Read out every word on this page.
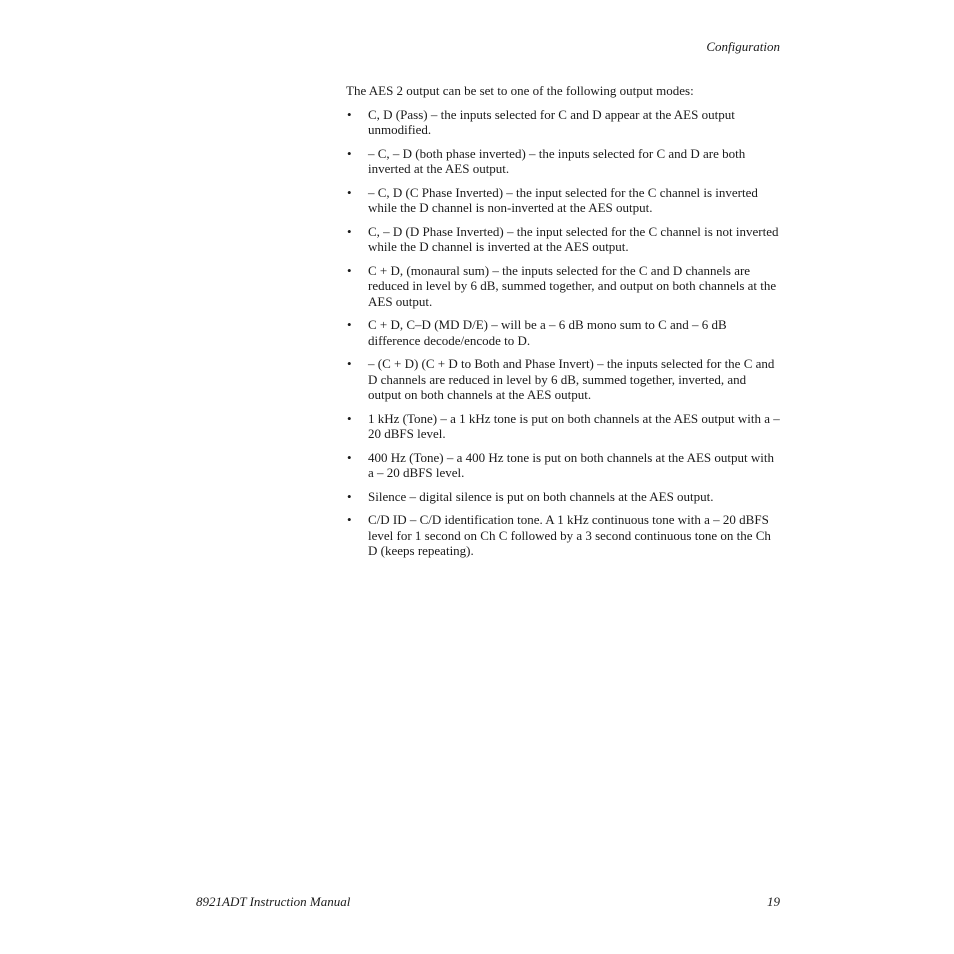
Configuration

The AES 2 output can be set to one of the following output modes:

• C, D (Pass) – the inputs selected for C and D appear at the AES output unmodified.
• – C, – D (both phase inverted) – the inputs selected for C and D are both inverted at the AES output.
• – C, D (C Phase Inverted) – the input selected for the C channel is inverted while the D channel is non-inverted at the AES output.
• C, – D (D Phase Inverted) – the input selected for the C channel is not inverted while the D channel is inverted at the AES output.
• C + D, (monaural sum) – the inputs selected for the C and D channels are reduced in level by 6 dB, summed together, and output on both channels at the AES output.
• C + D, C–D (MD D/E) – will be a – 6 dB mono sum to C and – 6 dB difference decode/encode to D.
• – (C + D) (C + D to Both and Phase Invert) – the inputs selected for the C and D channels are reduced in level by 6 dB, summed together, inverted, and output on both channels at the AES output.
• 1 kHz (Tone) – a 1 kHz tone is put on both channels at the AES output with a – 20 dBFS level.
• 400 Hz (Tone) – a 400 Hz tone is put on both channels at the AES output with a – 20 dBFS level.
• Silence – digital silence is put on both channels at the AES output.
• C/D ID – C/D identification tone. A 1 kHz continuous tone with a – 20 dBFS level for 1 second on Ch C followed by a 3 second continuous tone on the Ch D (keeps repeating).
8921ADT Instruction Manual	19
